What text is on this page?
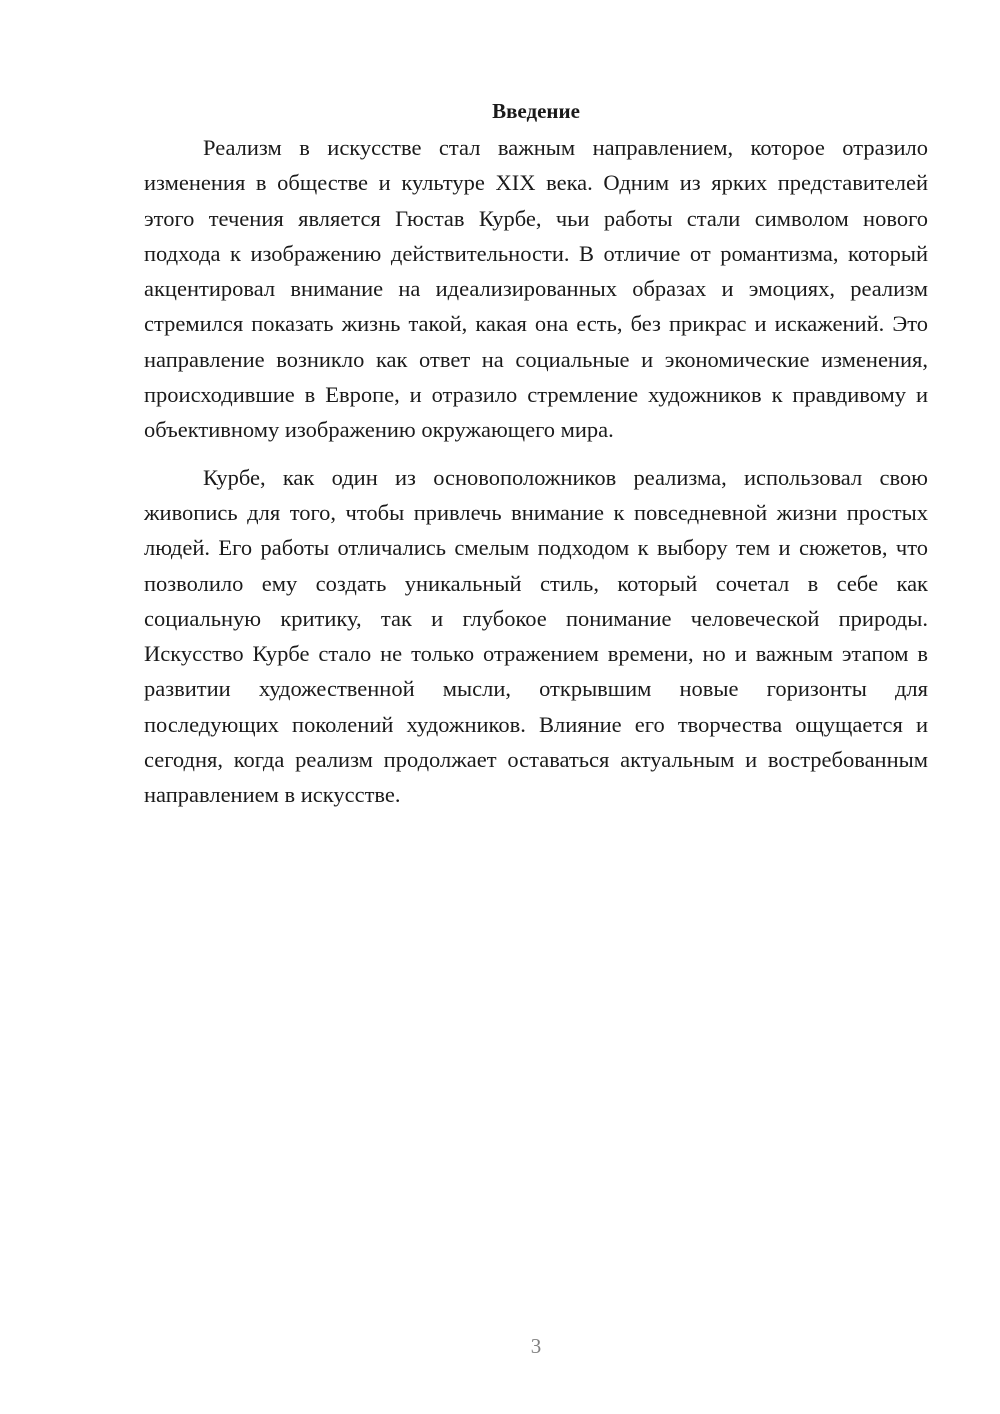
Введение

Реализм в искусстве стал важным направлением, которое отразило изменения в обществе и культуре XIX века. Одним из ярких представителей этого течения является Гюстав Курбе, чьи работы стали символом нового подхода к изображению действительности. В отличие от романтизма, который акцентировал внимание на идеализированных образах и эмоциях, реализм стремился показать жизнь такой, какая она есть, без прикрас и искажений. Это направление возникло как ответ на социальные и экономические изменения, происходившие в Европе, и отразило стремление художников к правдивому и объективному изображению окружающего мира.

Курбе, как один из основоположников реализма, использовал свою живопись для того, чтобы привлечь внимание к повседневной жизни простых людей. Его работы отличались смелым подходом к выбору тем и сюжетов, что позволило ему создать уникальный стиль, который сочетал в себе как социальную критику, так и глубокое понимание человеческой природы. Искусство Курбе стало не только отражением времени, но и важным этапом в развитии художественной мысли, открывшим новые горизонты для последующих поколений художников. Влияние его творчества ощущается и сегодня, когда реализм продолжает оставаться актуальным и востребованным направлением в искусстве.

3
